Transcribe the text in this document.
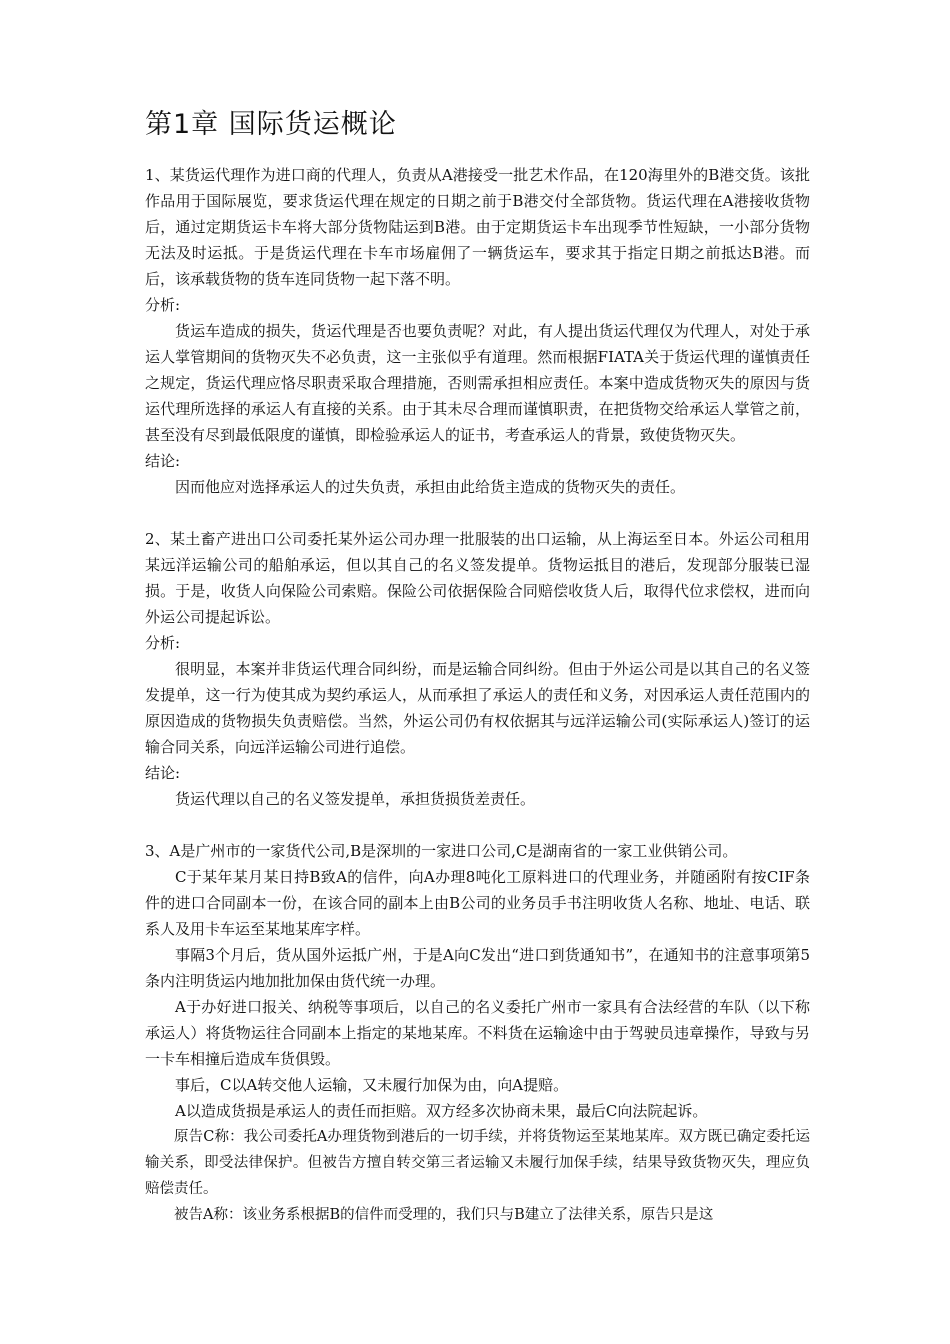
第1章 国际货运概论

1、某货运代理作为进口商的代理人，负责从A港接受一批艺术作品，在120海里外的B港交货。该批作品用于国际展览，要求货运代理在规定的日期之前于B港交付全部货物。货运代理在A港接收货物后，通过定期货运卡车将大部分货物陆运到B港。由于定期货运卡车出现季节性短缺，一小部分货物无法及时运抵。于是货运代理在卡车市场雇佣了一辆货运车，要求其于指定日期之前抵达B港。而后，该承载货物的货车连同货物一起下落不明。

分析:

货运车造成的损失，货运代理是否也要负责呢？对此，有人提出货运代理仅为代理人，对处于承运人掌管期间的货物灭失不必负责，这一主张似乎有道理。然而根据FIATA关于货运代理的谨慎责任之规定，货运代理应恪尽职责采取合理措施，否则需承担相应责任。本案中造成货物灭失的原因与货运代理所选择的承运人有直接的关系。由于其未尽合理而谨慎职责，在把货物交给承运人掌管之前，甚至没有尽到最低限度的谨慎，即检验承运人的证书，考查承运人的背景，致使货物灭失。

结论:

因而他应对选择承运人的过失负责，承担由此给货主造成的货物灭失的责任。

2、某土畜产进出口公司委托某外运公司办理一批服装的出口运输，从上海运至日本。外运公司租用某远洋运输公司的船舶承运，但以其自己的名义签发提单。货物运抵目的港后，发现部分服装已湿损。于是，收货人向保险公司索赔。保险公司依据保险合同赔偿收货人后，取得代位求偿权，进而向外运公司提起诉讼。

分析:

很明显，本案并非货运代理合同纠纷，而是运输合同纠纷。但由于外运公司是以其自己的名义签发提单，这一行为使其成为契约承运人，从而承担了承运人的责任和义务，对因承运人责任范围内的原因造成的货物损失负责赔偿。当然，外运公司仍有权依据其与远洋运输公司(实际承运人)签订的运输合同关系，向远洋运输公司进行追偿。

结论:

货运代理以自己的名义签发提单，承担货损货差责任。

3、A是广州市的一家货代公司,B是深圳的一家进口公司,C是湖南省的一家工业供销公司。

C于某年某月某日持B致A的信件，向A办理8吨化工原料进口的代理业务，并随函附有按CIF条件的进口合同副本一份，在该合同的副本上由B公司的业务员手书注明收货人名称、地址、电话、联系人及用卡车运至某地某库字样。

事隔3个月后，货从国外运抵广州，于是A向C发出“进口到货通知书”，在通知书的注意事项第5条内注明货运内地加批加保由货代统一办理。

A于办好进口报关、纳税等事项后，以自己的名义委托广州市一家具有合法经营的车队（以下称承运人）将货物运往合同副本上指定的某地某库。不料货在运输途中由于驾驶员违章操作，导致与另一卡车相撞后造成车货俱毁。

事后，C以A转交他人运输，又未履行加保为由，向A提赔。

A以造成货损是承运人的责任而拒赔。双方经多次协商未果，最后C向法院起诉。

原告C称：我公司委托A办理货物到港后的一切手续，并将货物运至某地某库。双方既已确定委托运输关系，即受法律保护。但被告方擅自转交第三者运输又未履行加保手续，结果导致货物灭失，理应负赔偿责任。

被告A称：该业务系根据B的信件而受理的，我们只与B建立了法律关系，原告只是这
